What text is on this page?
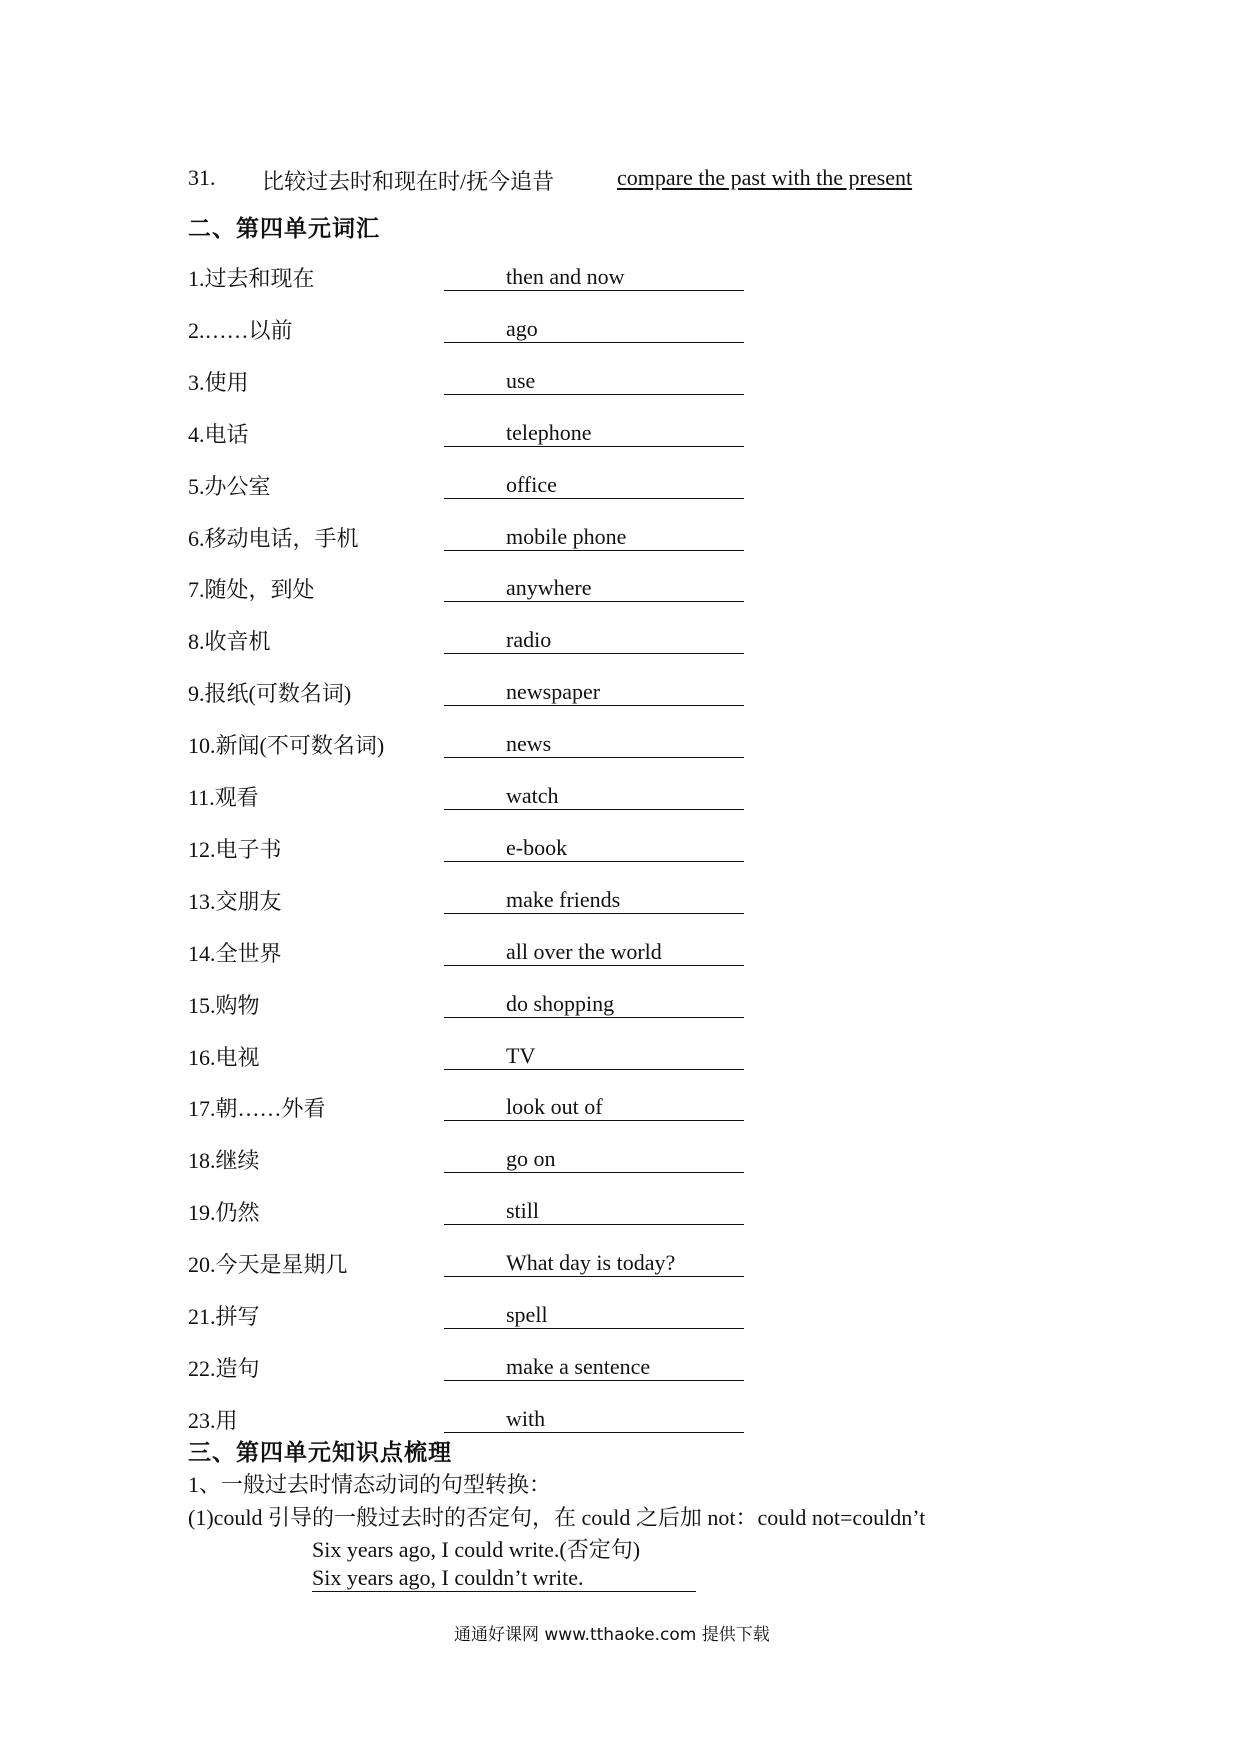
31. 比较过去时和现在时/抚今追昔	compare the past with the present
二、第四单元词汇
1.过去和现在	then and now
2.……以前	ago
3.使用	use
4.电话	telephone
5.办公室	office
6.移动电话，手机	mobile phone
7.随处，到处	anywhere
8.收音机	radio
9.报纸(可数名词)	newspaper
10.新闻(不可数名词)	news
11.观看	watch
12.电子书	e-book
13.交朋友	make friends
14.全世界	all over the world
15.购物	do shopping
16.电视	TV
17.朝……外看	look out of
18.继续	go on
19.仍然	still
20.今天是星期几	What day is today?
21.拼写	spell
22.造句	make a sentence
23.用	with
三、第四单元知识点梳理
1、一般过去时情态动词的句型转换：
(1)could 引导的一般过去时的否定句，在 could 之后加 not：could not=couldn’t
Six years ago, I could write.(否定句)
Six years ago, I couldn’t write.
通通好课网 www.tthaoke.com 提供下载
